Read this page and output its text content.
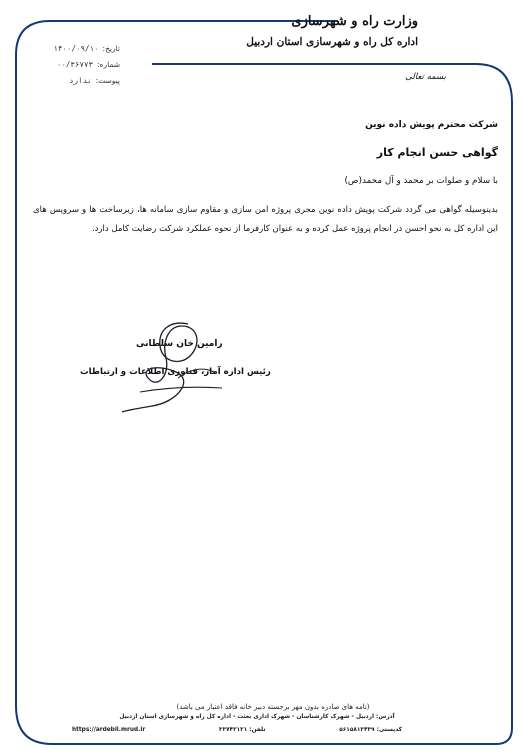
وزارت راه و شهرسازی
اداره کل راه و شهرسازی استان اردبیل
تاریخ:
۱۴۰۰/۰۹/۱۰
شماره:
۰۰/۳۶۷۷۳
پیوست:
ندارد	بسمه تعالی
شرکت محترم پویش داده نوین
گواهی حسن انجام کار
با سلام و صلوات بر محمد و آل محمد(ص)
بدینوسیله گواهی می گردد شرکت پویش داده نوین مجری پروژه امن سازی و مقاوم سازی سامانه ها، زیرساخت ها و سرویس های این اداره کل به نحو احسن در انجام پروژه عمل کرده و به عنوان کارفرما از نحوه عملکرد شرکت رضایت کامل دارد.
رامین خان سلطانی
رئیس اداره آمار، فناوری اطلاعات و ارتباطات
(نامه های صادره بدون مهر برجسته دبیر خانه فاقد اعتبار می باشد)
آدرس: اردبیل - شهرک کارشناسان - شهرک اداری بعثت - اداره کل راه و شهرسازی استان اردبیل
https://ardebil.mrud.ir	تلفن: ۳۳۷۴۲۱۲۱	کدپستی: ۵۶۱۵۸۱۳۴۳۹
